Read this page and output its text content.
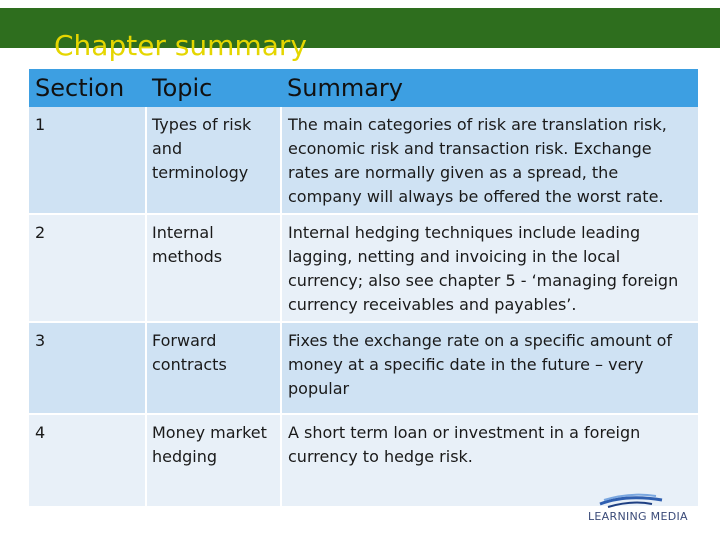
Chapter summary
Section	Topic	Summary
1	Types of risk and terminology	The main categories of risk are translation risk, economic risk and transaction risk. Exchange rates are normally given as a spread, the company will always be offered the worst rate.
2	Internal methods	Internal hedging techniques include leading lagging, netting and invoicing in the local currency; also see chapter 5 - ‘managing foreign currency receivables and payables’.
3	Forward contracts	Fixes the exchange rate on a specific amount of money at a specific date in the future – very popular
4	Money market hedging	A short term loan or investment in a foreign currency to hedge risk.
LEARNING MEDIA
